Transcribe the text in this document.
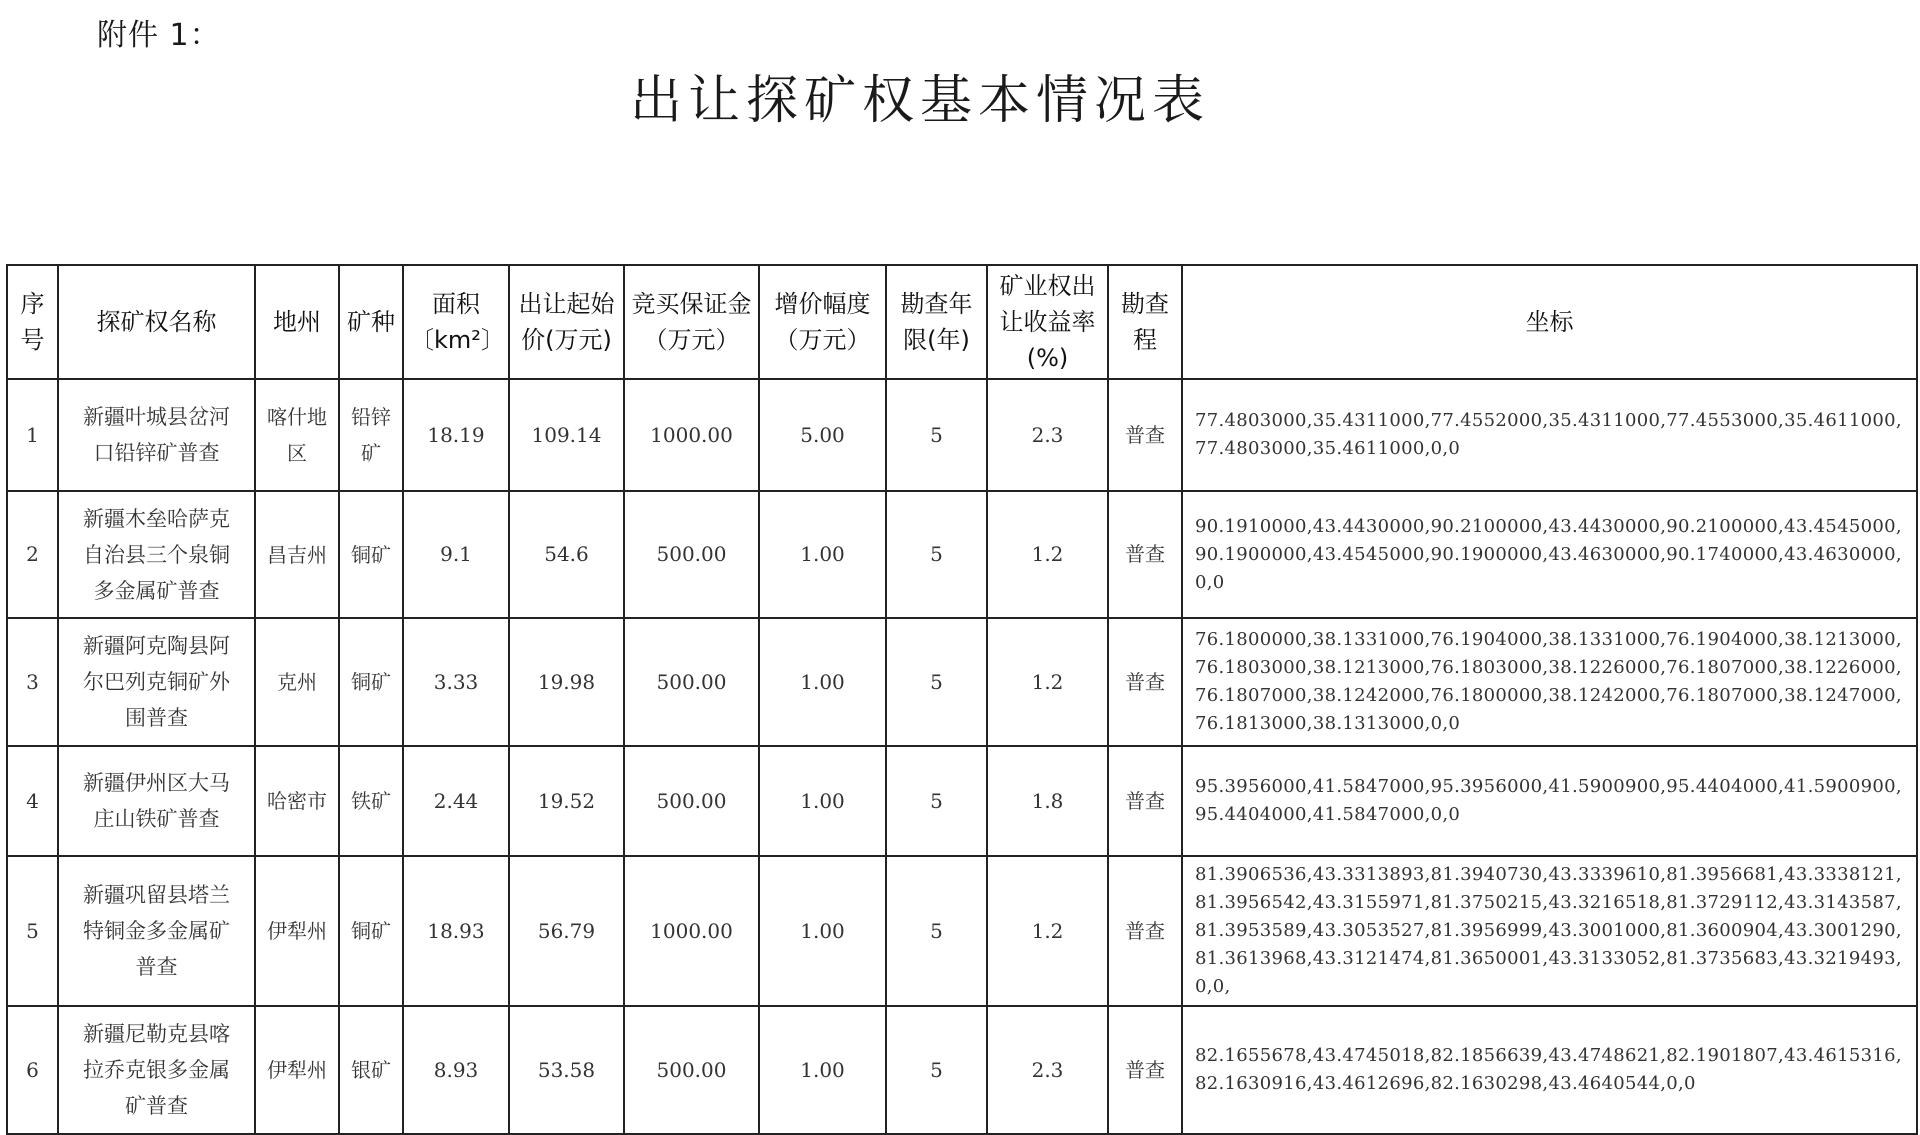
附件 1：
出让探矿权基本情况表
序号	探矿权名称	地州	矿种	面积〔km²〕	出让起始价(万元)	竞买保证金（万元）	增价幅度（万元）	勘查年限(年)	矿业权出让收益率(%)	勘查程	坐标
1	新疆叶城县岔河口铅锌矿普查	喀什地区	铅锌矿	18.19	109.14	1000.00	5.00	5	2.3	普查	77.4803000,35.4311000,77.4552000,35.4311000,77.4553000,35.4611000,77.4803000,35.4611000,0,0
2	新疆木垒哈萨克自治县三个泉铜多金属矿普查	昌吉州	铜矿	9.1	54.6	500.00	1.00	5	1.2	普查	90.1910000,43.4430000,90.2100000,43.4430000,90.2100000,43.4545000,90.1900000,43.4545000,90.1900000,43.4630000,90.1740000,43.4630000,0,0
3	新疆阿克陶县阿尔巴列克铜矿外围普查	克州	铜矿	3.33	19.98	500.00	1.00	5	1.2	普查	76.1800000,38.1331000,76.1904000,38.1331000,76.1904000,38.1213000,76.1803000,38.1213000,76.1803000,38.1226000,76.1807000,38.1226000,76.1807000,38.1242000,76.1800000,38.1242000,76.1807000,38.1247000,76.1813000,38.1313000,0,0
4	新疆伊州区大马庄山铁矿普查	哈密市	铁矿	2.44	19.52	500.00	1.00	5	1.8	普查	95.3956000,41.5847000,95.3956000,41.5900900,95.4404000,41.5900900,95.4404000,41.5847000,0,0
5	新疆巩留县塔兰特铜金多金属矿普查	伊犁州	铜矿	18.93	56.79	1000.00	1.00	5	1.2	普查	81.3906536,43.3313893,81.3940730,43.3339610,81.3956681,43.3338121,81.3956542,43.3155971,81.3750215,43.3216518,81.3729112,43.3143587,81.3953589,43.3053527,81.3956999,43.3001000,81.3600904,43.3001290,81.3613968,43.3121474,81.3650001,43.3133052,81.3735683,43.3219493,0,0,
6	新疆尼勒克县喀拉乔克银多金属矿普查	伊犁州	银矿	8.93	53.58	500.00	1.00	5	2.3	普查	82.1655678,43.4745018,82.1856639,43.4748621,82.1901807,43.4615316,82.1630916,43.4612696,82.1630298,43.4640544,0,0
